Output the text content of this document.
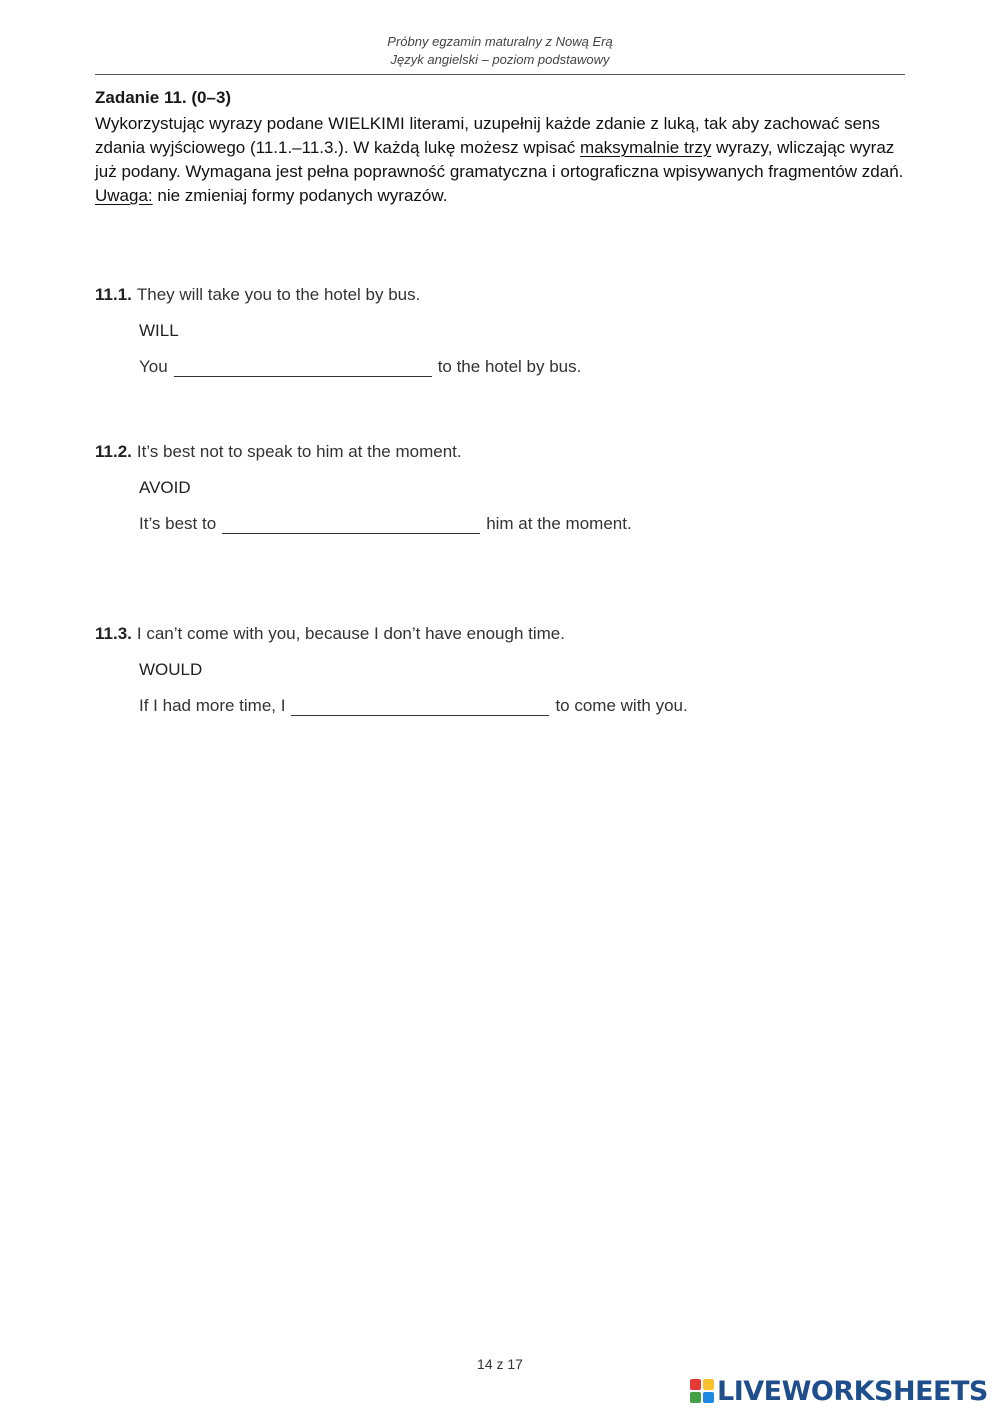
Próbny egzamin maturalny z Nową Erą
Język angielski – poziom podstawowy
Zadanie 11. (0–3)
Wykorzystując wyrazy podane WIELKIMI literami, uzupełnij każde zdanie z luką, tak aby zachować sens zdania wyjściowego (11.1.–11.3.). W każdą lukę możesz wpisać maksymalnie trzy wyrazy, wliczając wyraz już podany. Wymagana jest pełna poprawność gramatyczna i ortograficzna wpisywanych fragmentów zdań.
Uwaga: nie zmieniaj formy podanych wyrazów.
11.1. They will take you to the hotel by bus.
WILL
You	to the hotel by bus.
11.2. It’s best not to speak to him at the moment.
AVOID
It’s best to	him at the moment.
11.3. I can’t come with you, because I don’t have enough time.
WOULD
If I had more time, I	to come with you.
14 z 17
LIVEWORKSHEETS
